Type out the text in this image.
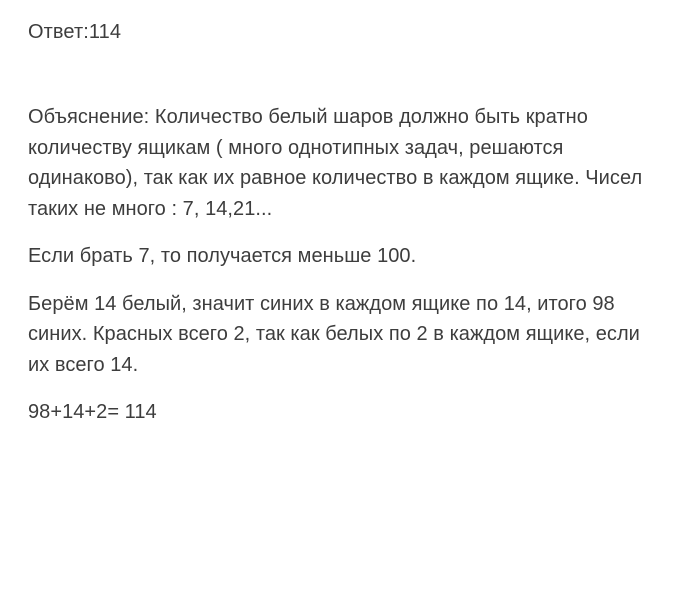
Ответ:114

Объяснение: Количество белый шаров должно быть кратно количеству ящикам ( много однотипных задач, решаются одинаково), так как их равное количество в каждом ящике. Чисел таких не много : 7, 14,21...

Если брать 7, то получается меньше 100.

Берём 14 белый, значит синих в каждом ящике по 14, итого 98 синих. Красных всего 2, так как белых по 2 в каждом ящике, если их всего 14.

98+14+2= 114
